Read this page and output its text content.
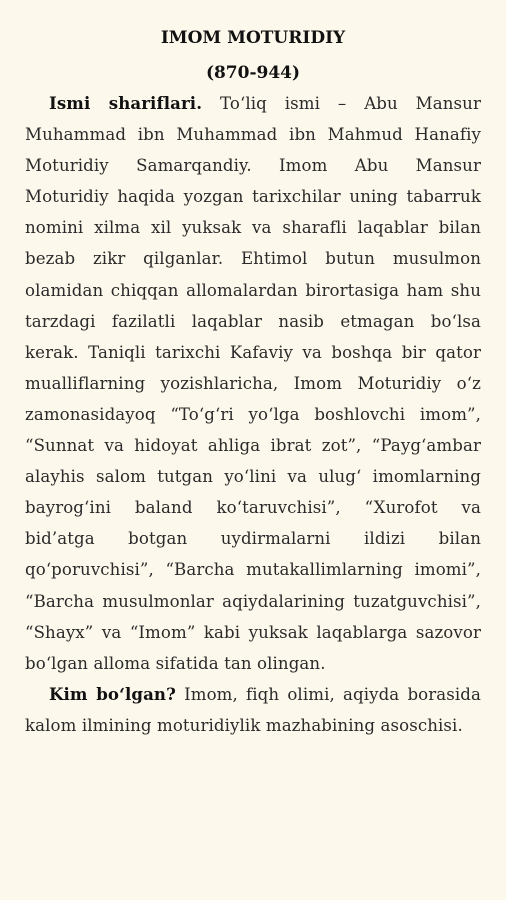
IMOM MOTURIDIY
(870-944)

Ismi shariflari. To‘liq ismi – Abu Mansur Muhammad ibn Muhammad ibn Mahmud Hanafiy Moturidiy Samarqandiy. Imom Abu Mansur Moturidiy haqida yozgan tarixchilar uning tabarruk nomini xilma xil yuksak va sharafli laqablar bilan bezab zikr qilganlar. Ehtimol butun musulmon olamidan chiqqan allomalardan birortasiga ham shu tarzdagi fazilatli laqablar nasib etmagan bo‘lsa kerak. Taniqli tarixchi Kafaviy va boshqa bir qator mualliflarning yozishlaricha, Imom Moturidiy o‘z zamonasidayoq “To‘g‘ri yo‘lga boshlovchi imom”, “Sunnat va hidoyat ahliga ibrat zot”, “Payg‘ambar alayhis salom tutgan yo‘lini va ulug‘ imomlarning bayrog‘ini baland ko‘taruvchisi”, “Xurofot va bid’atga botgan uydirmalarni ildizi bilan qo‘poruvchisi”, “Barcha mutakallimlarning imomi”, “Barcha musulmonlar aqiydalarining tuzatguvchisi”, “Shayx” va “Imom” kabi yuksak laqablarga sazovor bo‘lgan alloma sifatida tan olingan.

Kim bo‘lgan? Imom, fiqh olimi, aqiyda borasida kalom ilmining moturidiylik mazhabining asoschisi.
